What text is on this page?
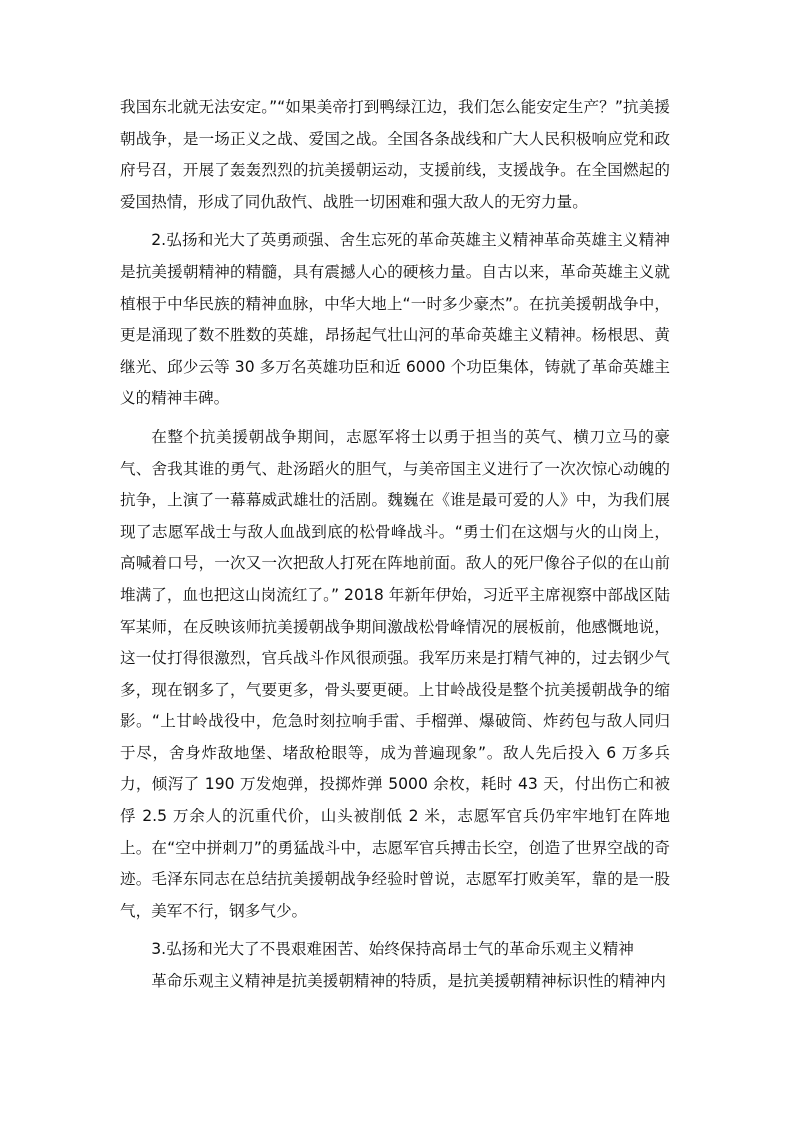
我国东北就无法安定。”“如果美帝打到鸭绿江边，我们怎么能安定生产？”抗美援朝战争，是一场正义之战、爱国之战。全国各条战线和广大人民积极响应党和政府号召，开展了轰轰烈烈的抗美援朝运动，支援前线，支援战争。在全国燃起的爱国热情，形成了同仇敌忾、战胜一切困难和强大敌人的无穷力量。

2.弘扬和光大了英勇顽强、舍生忘死的革命英雄主义精神革命英雄主义精神是抗美援朝精神的精髓，具有震撼人心的硬核力量。自古以来，革命英雄主义就植根于中华民族的精神血脉，中华大地上“一时多少豪杰”。在抗美援朝战争中，更是涌现了数不胜数的英雄，昂扬起气壮山河的革命英雄主义精神。杨根思、黄继光、邱少云等 30 多万名英雄功臣和近 6000 个功臣集体，铸就了革命英雄主义的精神丰碑。

在整个抗美援朝战争期间，志愿军将士以勇于担当的英气、横刀立马的豪气、舍我其谁的勇气、赴汤蹈火的胆气，与美帝国主义进行了一次次惊心动魄的抗争，上演了一幕幕威武雄壮的活剧。魏巍在《谁是最可爱的人》中，为我们展现了志愿军战士与敌人血战到底的松骨峰战斗。“勇士们在这烟与火的山岗上，高喊着口号，一次又一次把敌人打死在阵地前面。敌人的死尸像谷子似的在山前堆满了，血也把这山岗流红了。” 2018 年新年伊始，习近平主席视察中部战区陆军某师，在反映该师抗美援朝战争期间激战松骨峰情况的展板前，他感慨地说，这一仗打得很激烈，官兵战斗作风很顽强。我军历来是打精气神的，过去钢少气多，现在钢多了，气要更多，骨头要更硬。上甘岭战役是整个抗美援朝战争的缩影。“上甘岭战役中，危急时刻拉响手雷、手榴弹、爆破筒、炸药包与敌人同归于尽，舍身炸敌地堡、堵敌枪眼等，成为普遍现象”。敌人先后投入 6 万多兵力，倾泻了 190 万发炮弹，投掷炸弹 5000 余枚，耗时 43 天，付出伤亡和被俘 2.5 万余人的沉重代价，山头被削低 2 米，志愿军官兵仍牢牢地钉在阵地上。在“空中拼刺刀”的勇猛战斗中，志愿军官兵搏击长空，创造了世界空战的奇迹。毛泽东同志在总结抗美援朝战争经验时曾说，志愿军打败美军，靠的是一股气，美军不行，钢多气少。

3.弘扬和光大了不畏艰难困苦、始终保持高昂士气的革命乐观主义精神

革命乐观主义精神是抗美援朝精神的特质，是抗美援朝精神标识性的精神内
